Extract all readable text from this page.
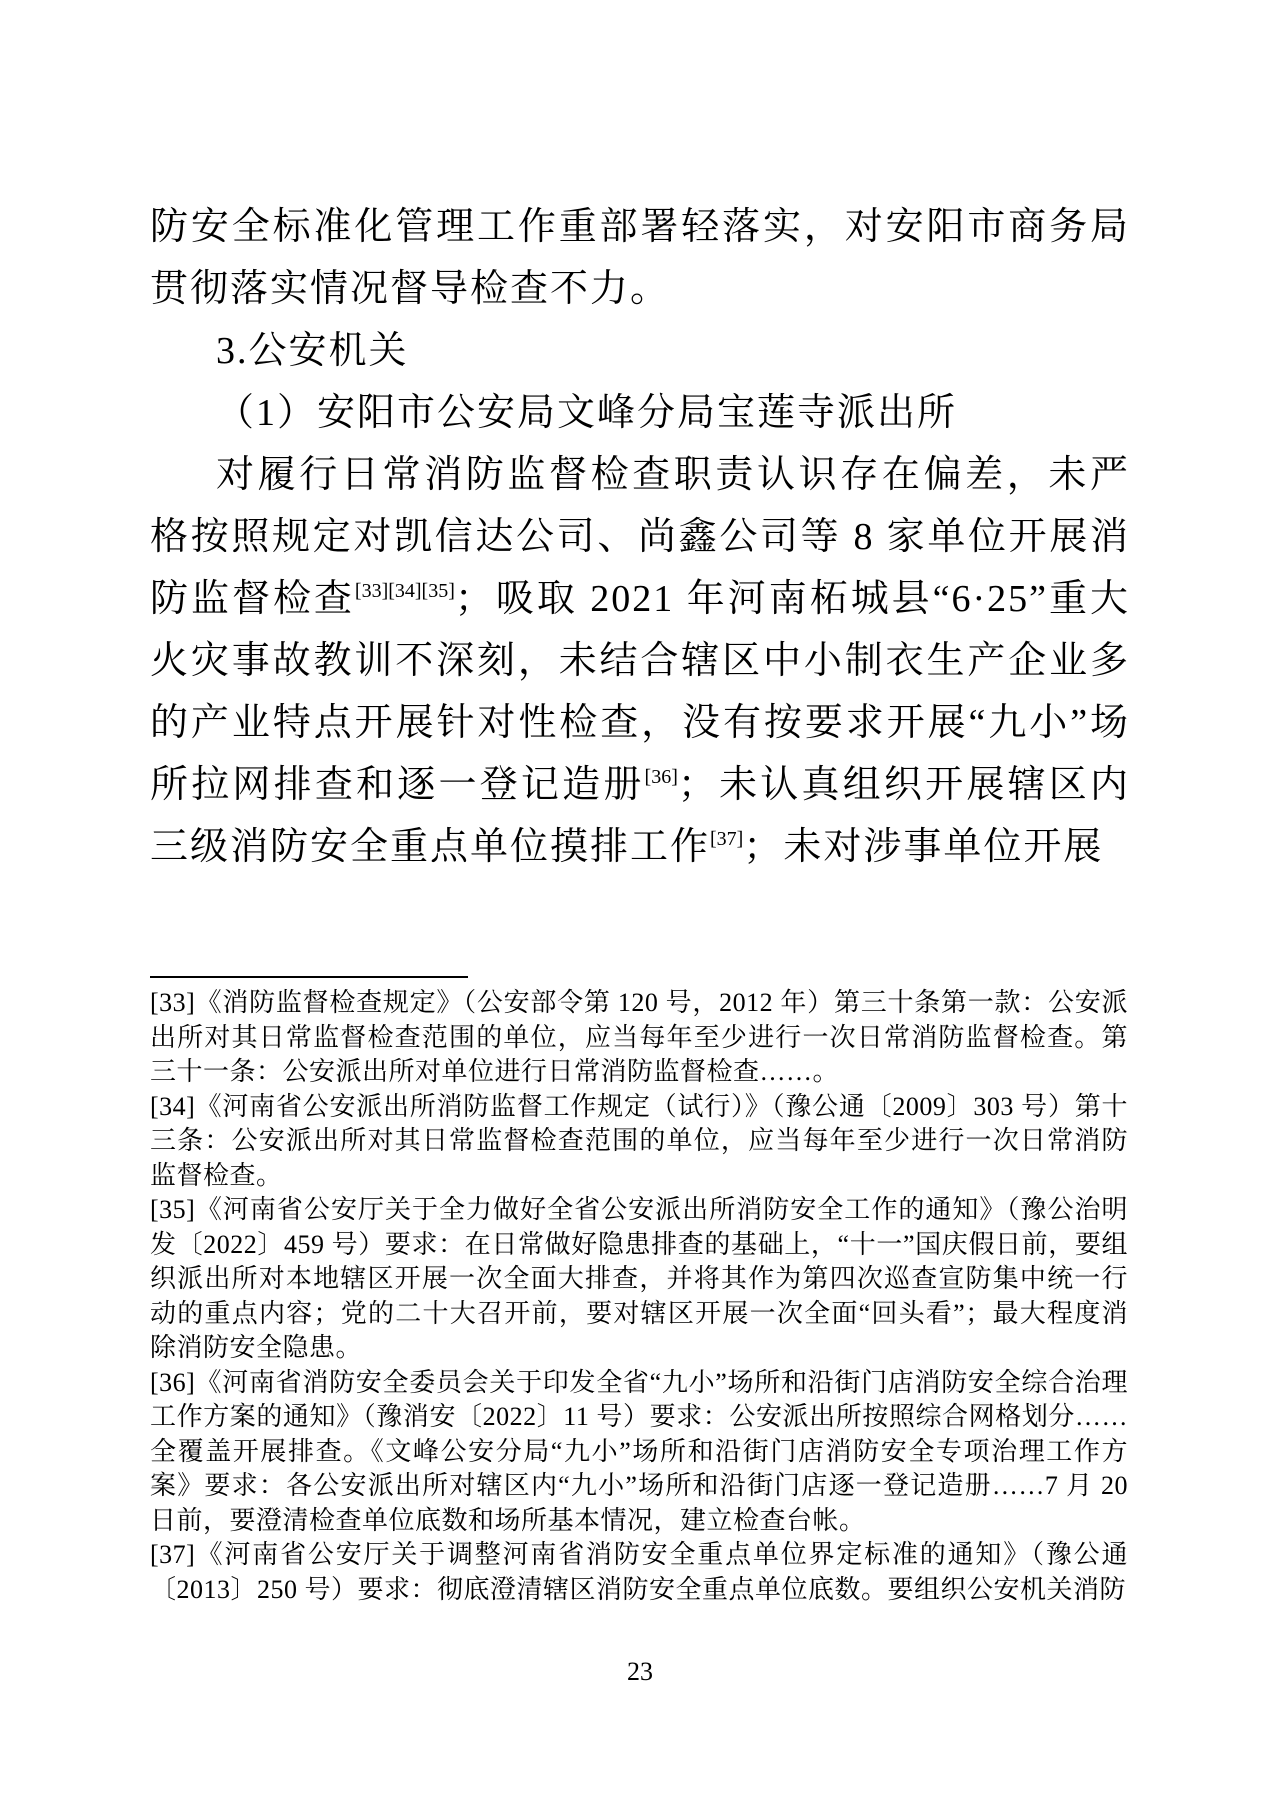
防安全标准化管理工作重部署轻落实，对安阳市商务局贯彻落实情况督导检查不力。

3.公安机关

（1）安阳市公安局文峰分局宝莲寺派出所

对履行日常消防监督检查职责认识存在偏差，未严格按照规定对凯信达公司、尚鑫公司等 8 家单位开展消防监督检查[33][34][35]；吸取 2021 年河南柘城县“6·25”重大火灾事故教训不深刻，未结合辖区中小制衣生产企业多的产业特点开展针对性检查，没有按要求开展“九小”场所拉网排查和逐一登记造册[36]；未认真组织开展辖区内三级消防安全重点单位摸排工作[37]；未对涉事单位开展

[33]《消防监督检查规定》（公安部令第 120 号，2012 年）第三十条第一款：公安派出所对其日常监督检查范围的单位，应当每年至少进行一次日常消防监督检查。第三十一条：公安派出所对单位进行日常消防监督检查……。

[34]《河南省公安派出所消防监督工作规定（试行）》（豫公通〔2009〕303 号）第十三条：公安派出所对其日常监督检查范围的单位，应当每年至少进行一次日常消防监督检查。

[35]《河南省公安厅关于全力做好全省公安派出所消防安全工作的通知》（豫公治明发〔2022〕459 号）要求：在日常做好隐患排查的基础上，“十一”国庆假日前，要组织派出所对本地辖区开展一次全面大排查，并将其作为第四次巡查宣防集中统一行动的重点内容；党的二十大召开前，要对辖区开展一次全面“回头看”；最大程度消除消防安全隐患。

[36]《河南省消防安全委员会关于印发全省“九小”场所和沿街门店消防安全综合治理工作方案的通知》（豫消安〔2022〕11 号）要求：公安派出所按照综合网格划分……全覆盖开展排查。《文峰公安分局“九小”场所和沿街门店消防安全专项治理工作方案》要求：各公安派出所对辖区内“九小”场所和沿街门店逐一登记造册……7 月 20 日前，要澄清检查单位底数和场所基本情况，建立检查台帐。

[37]《河南省公安厅关于调整河南省消防安全重点单位界定标准的通知》（豫公通〔2013〕250 号）要求：彻底澄清辖区消防安全重点单位底数。要组织公安机关消防

23
